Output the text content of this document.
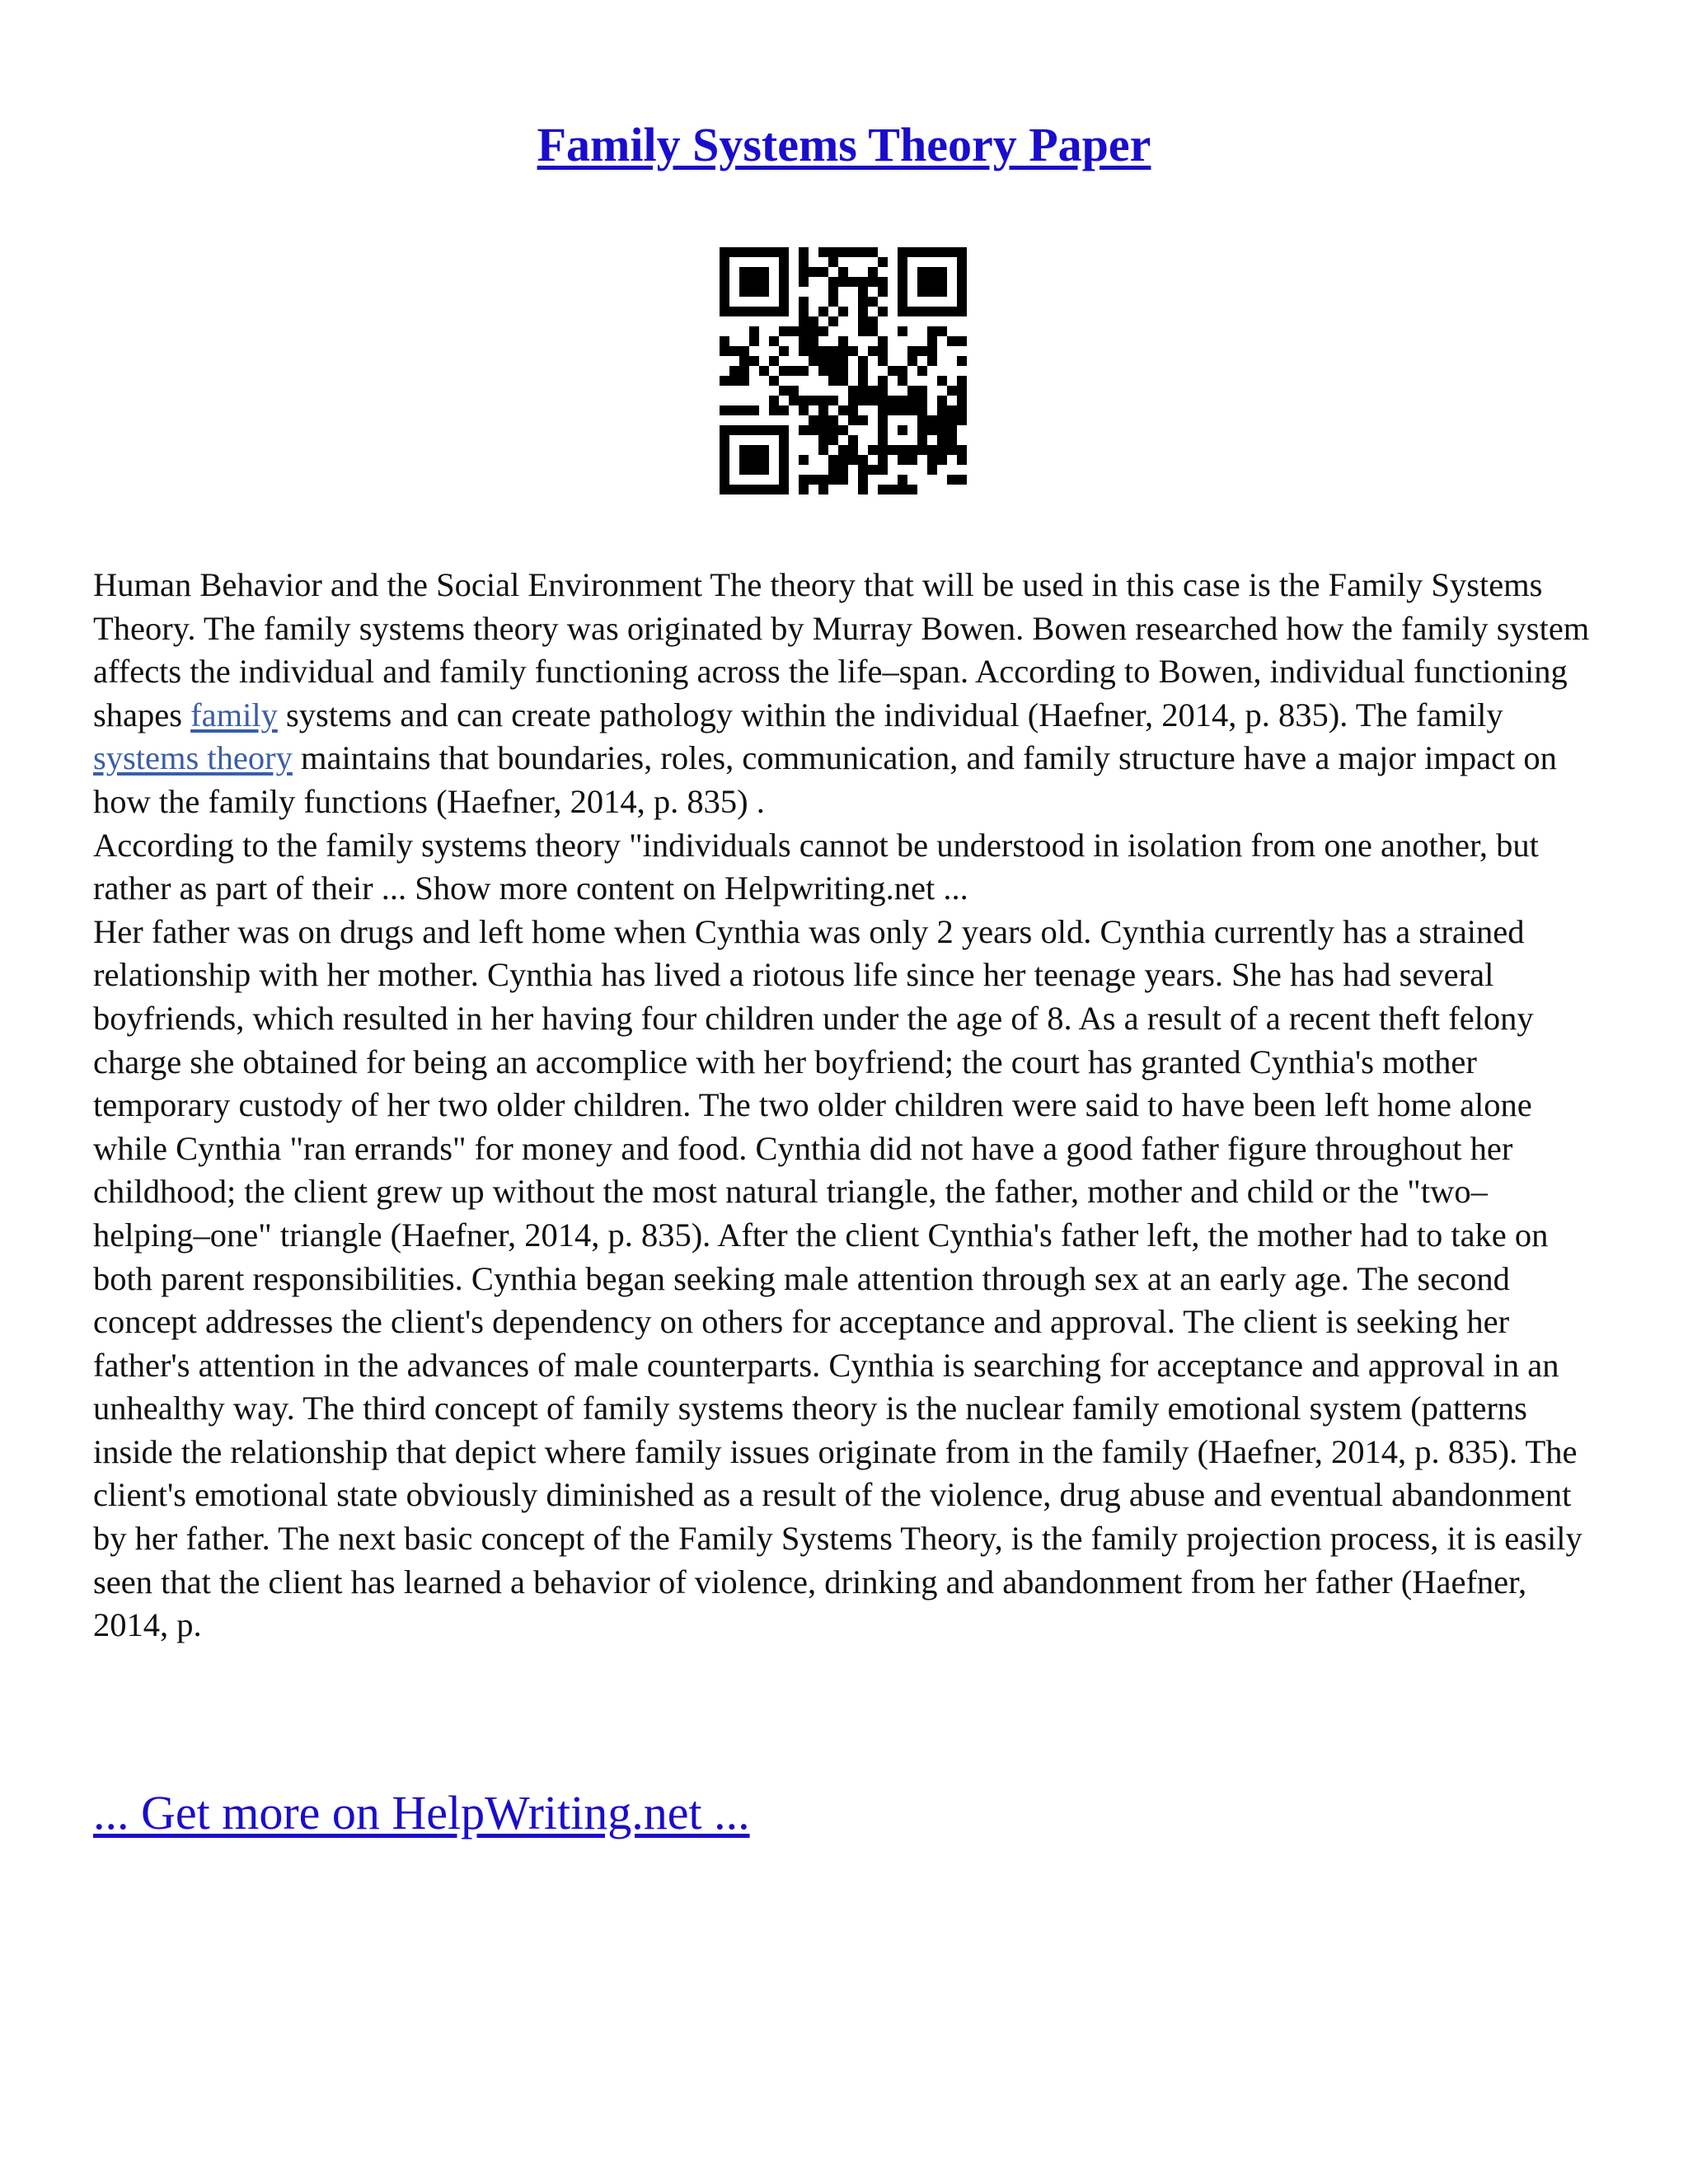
Family Systems Theory Paper

Human Behavior and the Social Environment The theory that will be used in this case is the Family Systems Theory. The family systems theory was originated by Murray Bowen. Bowen researched how the family system affects the individual and family functioning across the life–span. According to Bowen, individual functioning shapes family systems and can create pathology within the individual (Haefner, 2014, p. 835). The family systems theory maintains that boundaries, roles, communication, and family structure have a major impact on how the family functions (Haefner, 2014, p. 835) .

According to the family systems theory "individuals cannot be understood in isolation from one another, but rather as part of their ... Show more content on Helpwriting.net ...

Her father was on drugs and left home when Cynthia was only 2 years old. Cynthia currently has a strained relationship with her mother. Cynthia has lived a riotous life since her teenage years. She has had several boyfriends, which resulted in her having four children under the age of 8. As a result of a recent theft felony charge she obtained for being an accomplice with her boyfriend; the court has granted Cynthia's mother temporary custody of her two older children. The two older children were said to have been left home alone while Cynthia "ran errands" for money and food. Cynthia did not have a good father figure throughout her childhood; the client grew up without the most natural triangle, the father, mother and child or the "two–helping–one" triangle (Haefner, 2014, p. 835). After the client Cynthia's father left, the mother had to take on both parent responsibilities. Cynthia began seeking male attention through sex at an early age. The second concept addresses the client's dependency on others for acceptance and approval. The client is seeking her father's attention in the advances of male counterparts. Cynthia is searching for acceptance and approval in an unhealthy way. The third concept of family systems theory is the nuclear family emotional system (patterns inside the relationship that depict where family issues originate from in the family (Haefner, 2014, p. 835). The client's emotional state obviously diminished as a result of the violence, drug abuse and eventual abandonment by her father. The next basic concept of the Family Systems Theory, is the family projection process, it is easily seen that the client has learned a behavior of violence, drinking and abandonment from her father (Haefner, 2014, p.

... Get more on HelpWriting.net ...
